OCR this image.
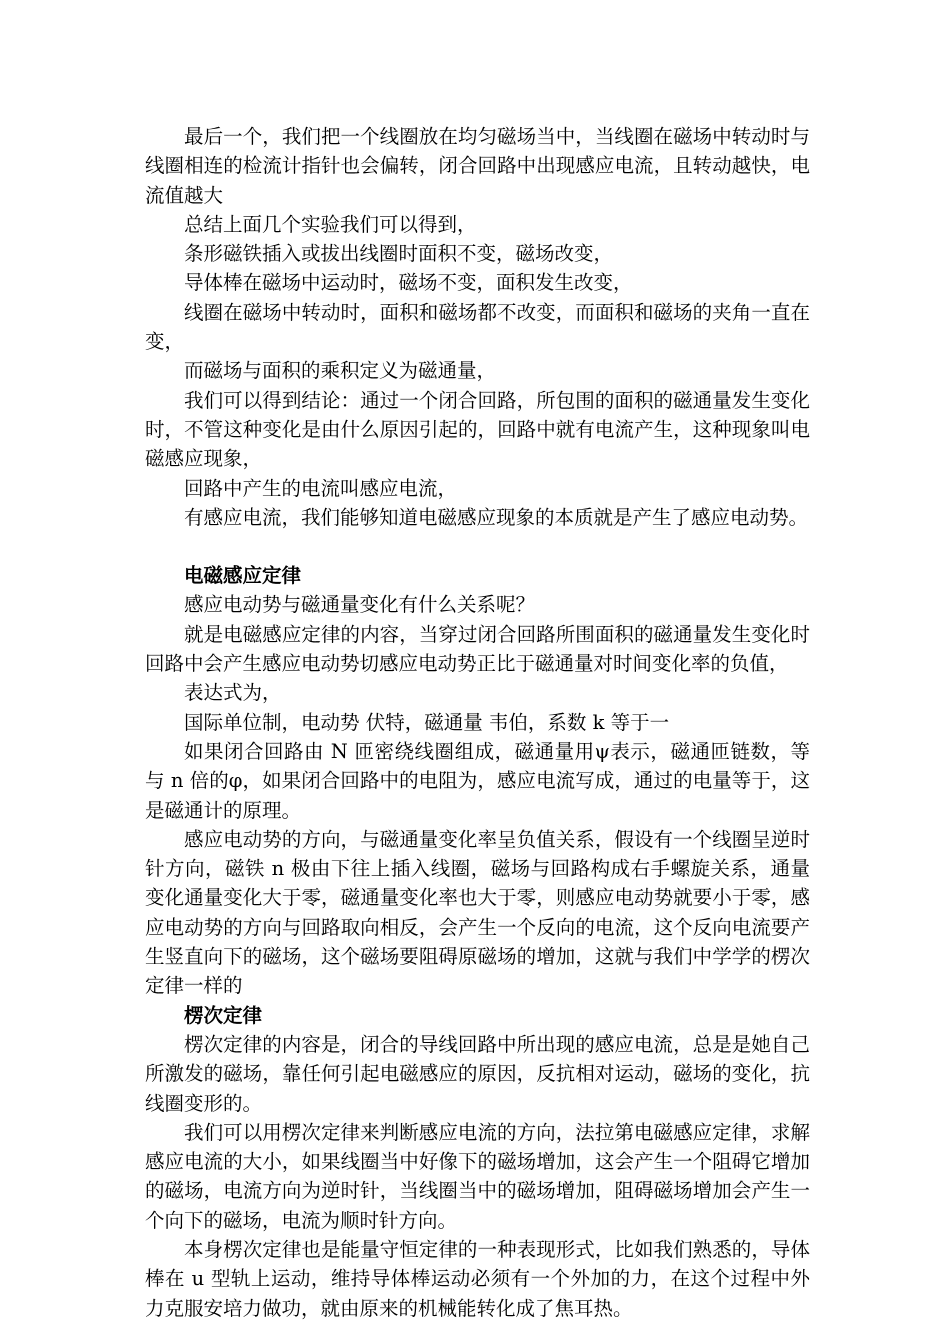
最后一个，我们把一个线圈放在均匀磁场当中，当线圈在磁场中转动时与线圈相连的检流计指针也会偏转，闭合回路中出现感应电流，且转动越快，电流值越大

总结上面几个实验我们可以得到，

条形磁铁插入或拔出线圈时面积不变，磁场改变，

导体棒在磁场中运动时，磁场不变，面积发生改变，

线圈在磁场中转动时，面积和磁场都不改变，而面积和磁场的夹角一直在变，

而磁场与面积的乘积定义为磁通量，

我们可以得到结论：通过一个闭合回路，所包围的面积的磁通量发生变化时，不管这种变化是由什么原因引起的，回路中就有电流产生，这种现象叫电磁感应现象，

回路中产生的电流叫感应电流，

有感应电流，我们能够知道电磁感应现象的本质就是产生了感应电动势。

电磁感应定律

感应电动势与磁通量变化有什么关系呢？

就是电磁感应定律的内容，当穿过闭合回路所围面积的磁通量发生变化时回路中会产生感应电动势切感应电动势正比于磁通量对时间变化率的负值，

表达式为，

国际单位制，电动势 伏特，磁通量 韦伯，系数 k 等于一

如果闭合回路由 N 匝密绕线圈组成，磁通量用ψ表示，磁通匝链数，等与 n 倍的φ，如果闭合回路中的电阻为，感应电流写成，通过的电量等于，这是磁通计的原理。

感应电动势的方向，与磁通量变化率呈负值关系，假设有一个线圈呈逆时针方向，磁铁 n 极由下往上插入线圈，磁场与回路构成右手螺旋关系，通量变化通量变化大于零，磁通量变化率也大于零，则感应电动势就要小于零，感应电动势的方向与回路取向相反，会产生一个反向的电流，这个反向电流要产生竖直向下的磁场，这个磁场要阻碍原磁场的增加，这就与我们中学学的楞次定律一样的

楞次定律

楞次定律的内容是，闭合的导线回路中所出现的感应电流，总是是她自己所激发的磁场，靠任何引起电磁感应的原因，反抗相对运动，磁场的变化，抗线圈变形的。

我们可以用楞次定律来判断感应电流的方向，法拉第电磁感应定律，求解感应电流的大小，如果线圈当中好像下的磁场增加，这会产生一个阻碍它增加的磁场，电流方向为逆时针，当线圈当中的磁场增加，阻碍磁场增加会产生一个向下的磁场，电流为顺时针方向。

本身楞次定律也是能量守恒定律的一种表现形式，比如我们熟悉的，导体棒在 u 型轨上运动，维持导体棒运动必须有一个外加的力，在这个过程中外力克服安培力做功，就由原来的机械能转化成了焦耳热。
